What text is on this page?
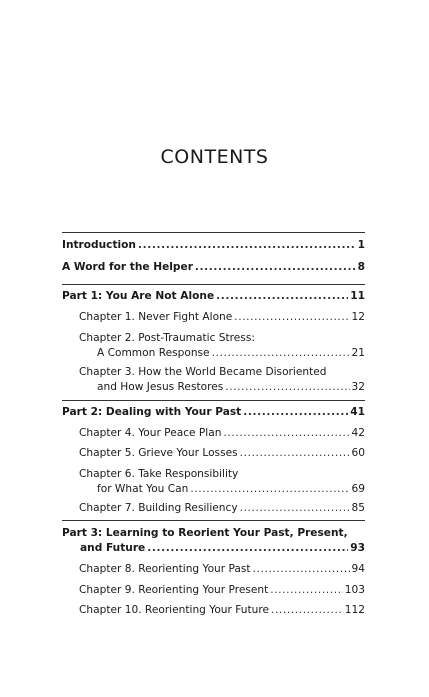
CONTENTS
Introduction .....	1
A Word for the Helper .....	8
Part 1: You Are Not Alone .....	11
Chapter 1. Never Fight Alone .....	12
Chapter 2. Post-Traumatic Stress:
A Common Response .....	21
Chapter 3. How the World Became Disoriented
and How Jesus Restores .....	32
Part 2: Dealing with Your Past .....	41
Chapter 4. Your Peace Plan .....	42
Chapter 5. Grieve Your Losses .....	60
Chapter 6. Take Responsibility
for What You Can .....	69
Chapter 7. Building Resiliency .....	85
Part 3: Learning to Reorient Your Past, Present,
and Future .....	93
Chapter 8. Reorienting Your Past .....	94
Chapter 9. Reorienting Your Present .....	103
Chapter 10. Reorienting Your Future .....	112
